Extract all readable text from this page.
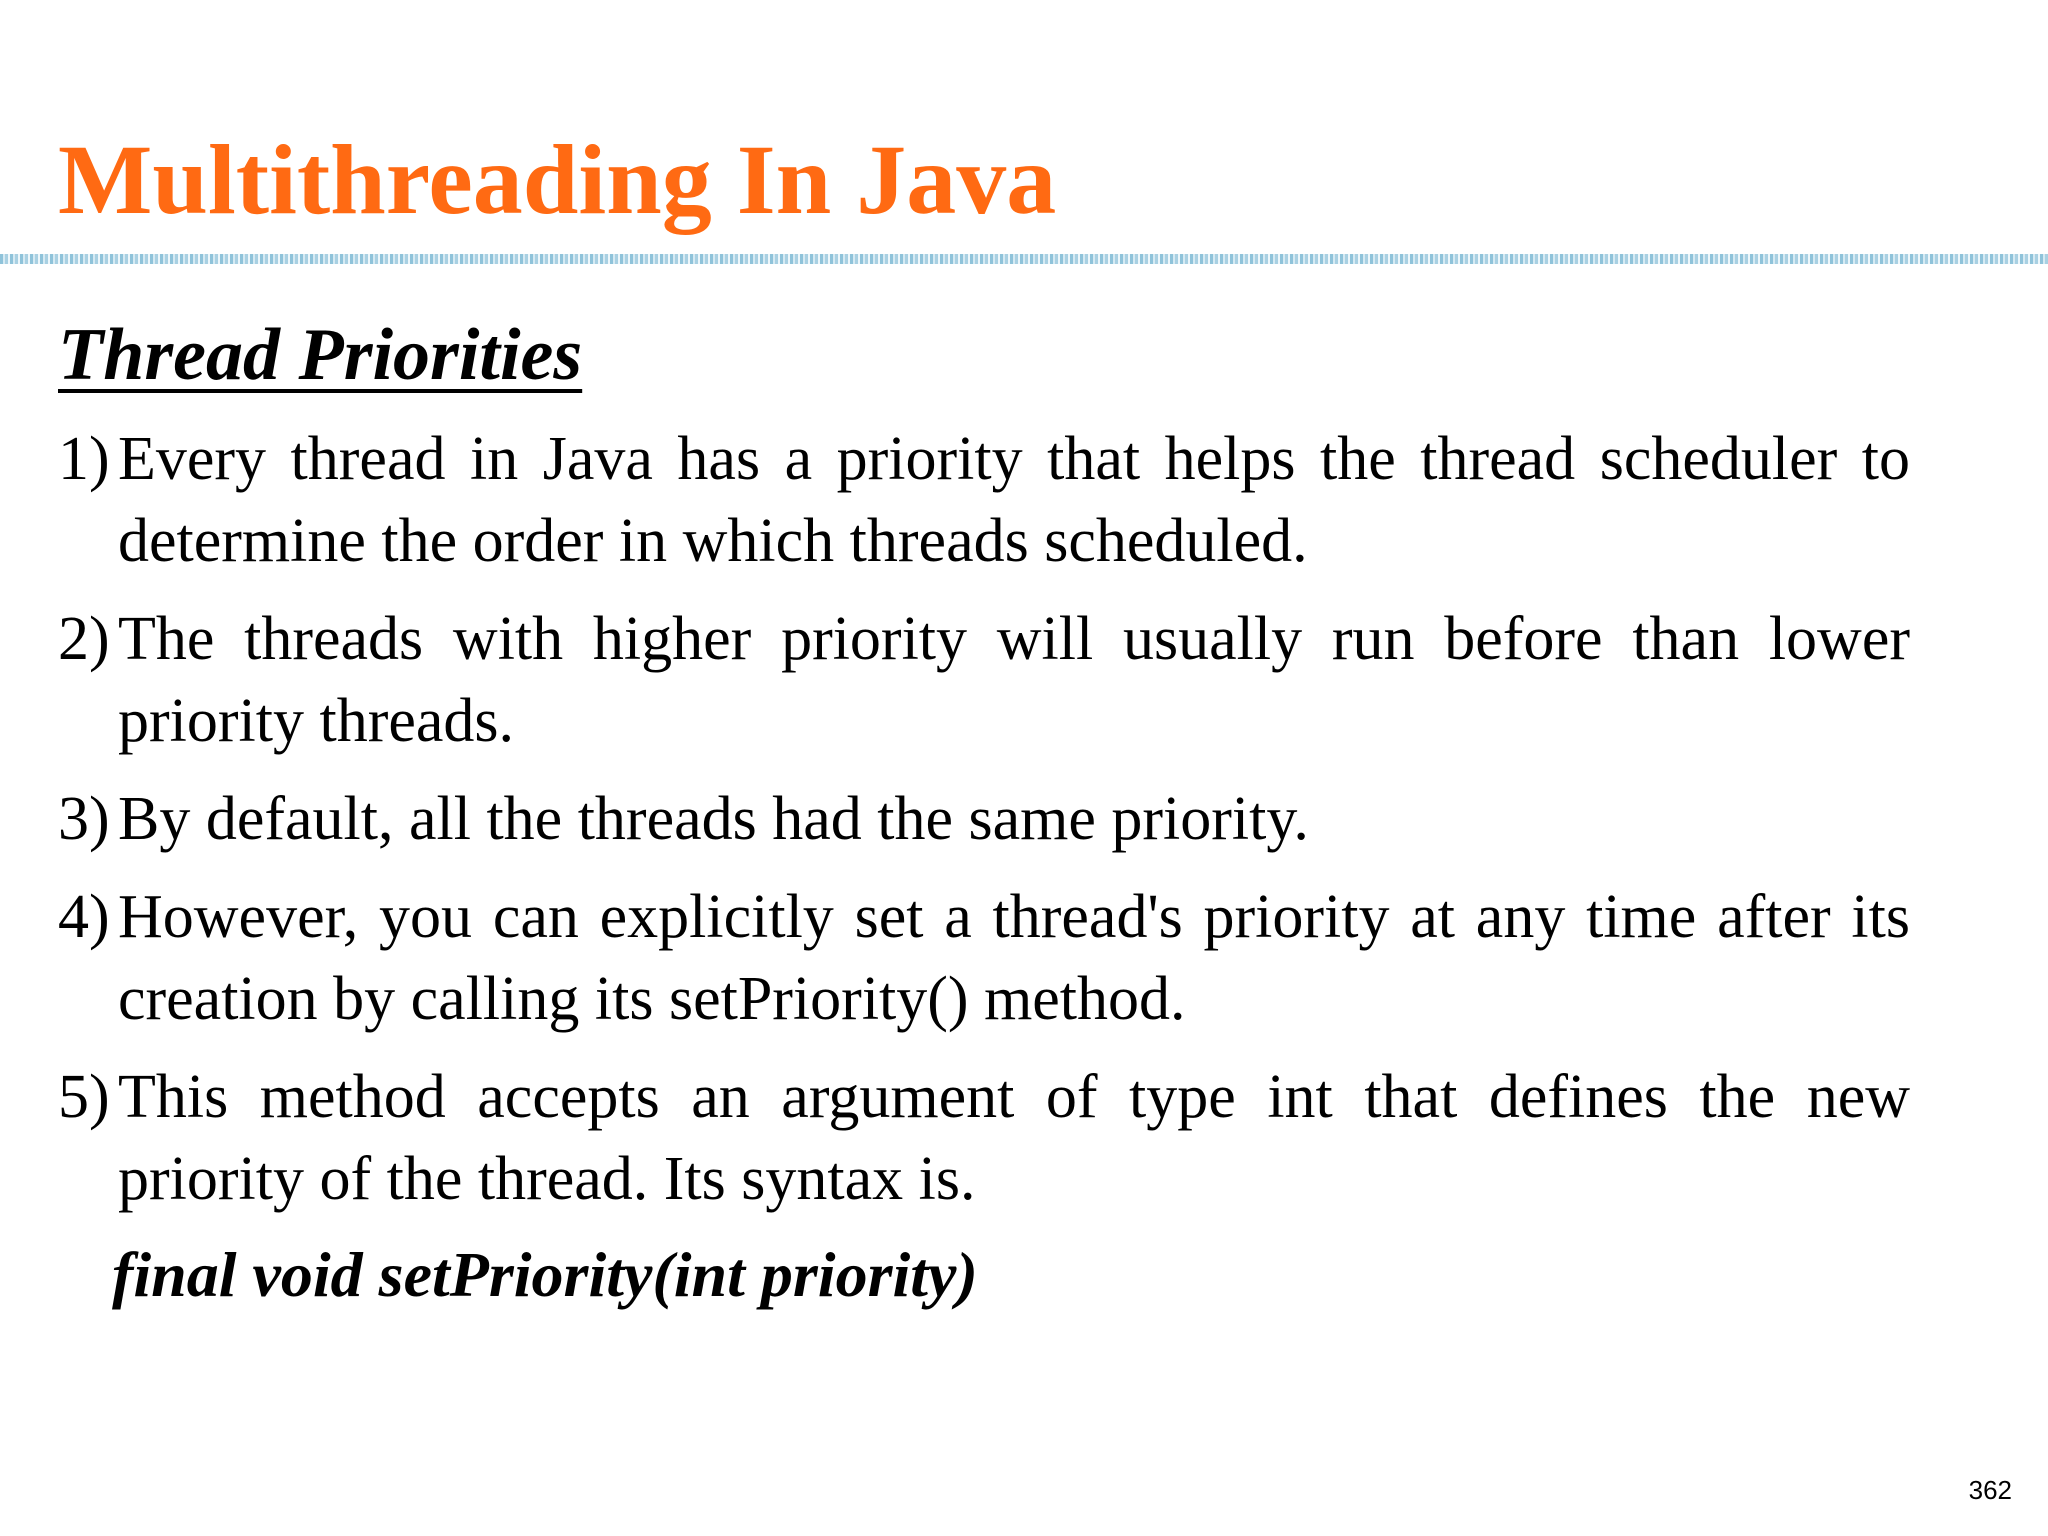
Multithreading In Java
Thread Priorities
1) Every thread in Java has a priority that helps the thread scheduler to determine the order in which threads scheduled.
2) The threads with higher priority will usually run before than lower priority threads.
3) By default, all the threads had the same priority.
4) However, you can explicitly set a thread's priority at any time after its creation by calling its setPriority() method.
5) This method accepts an argument of type int that defines the new priority of the thread. Its syntax is.

final void setPriority(int priority)

362
